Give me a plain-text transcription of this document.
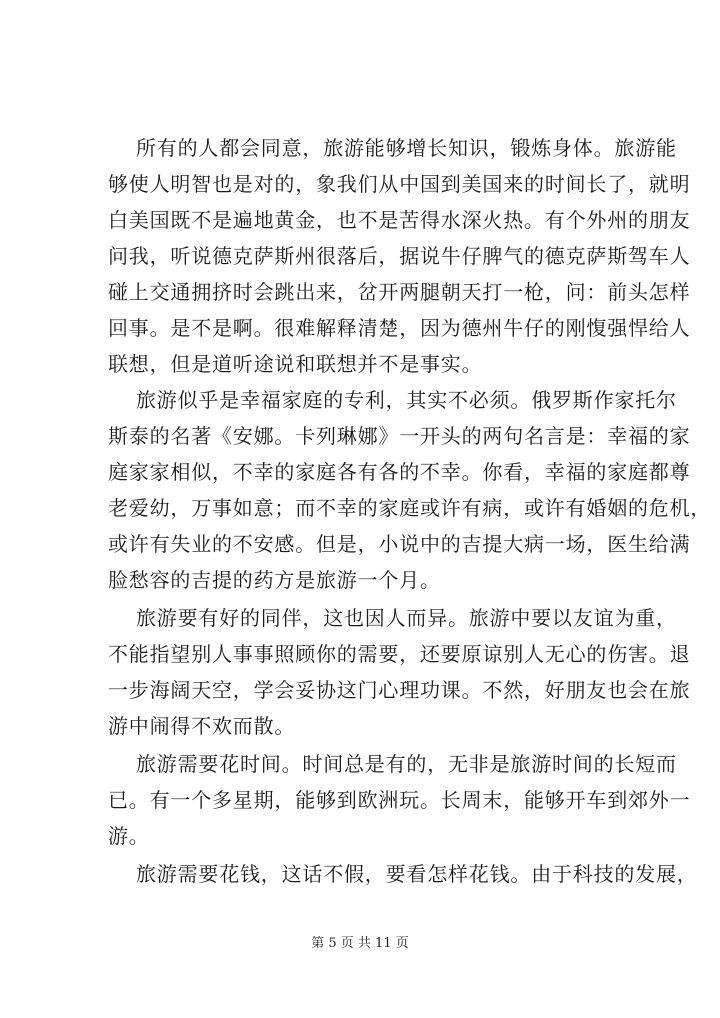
所有的人都会同意，旅游能够增长知识，锻炼身体。旅游能
够使人明智也是对的，象我们从中国到美国来的时间长了，就明
白美国既不是遍地黄金，也不是苦得水深火热。有个外州的朋友
问我，听说德克萨斯州很落后，据说牛仔脾气的德克萨斯驾车人
碰上交通拥挤时会跳出来，岔开两腿朝天打一枪，问：前头怎样
回事。是不是啊。很难解释清楚，因为德州牛仔的刚愎强悍给人
联想，但是道听途说和联想并不是事实。
旅游似乎是幸福家庭的专利，其实不必须。俄罗斯作家托尔
斯泰的名著《安娜。卡列琳娜》一开头的两句名言是：幸福的家
庭家家相似，不幸的家庭各有各的不幸。你看，幸福的家庭都尊
老爱幼，万事如意；而不幸的家庭或许有病，或许有婚姻的危机，
或许有失业的不安感。但是，小说中的吉提大病一场，医生给满
脸愁容的吉提的药方是旅游一个月。
旅游要有好的同伴，这也因人而异。旅游中要以友谊为重，
不能指望别人事事照顾你的需要，还要原谅别人无心的伤害。退
一步海阔天空，学会妥协这门心理功课。不然，好朋友也会在旅
游中闹得不欢而散。
旅游需要花时间。时间总是有的，无非是旅游时间的长短而
已。有一个多星期，能够到欧洲玩。长周末，能够开车到郊外一
游。
旅游需要花钱，这话不假，要看怎样花钱。由于科技的发展，
第 5 页 共 11 页
